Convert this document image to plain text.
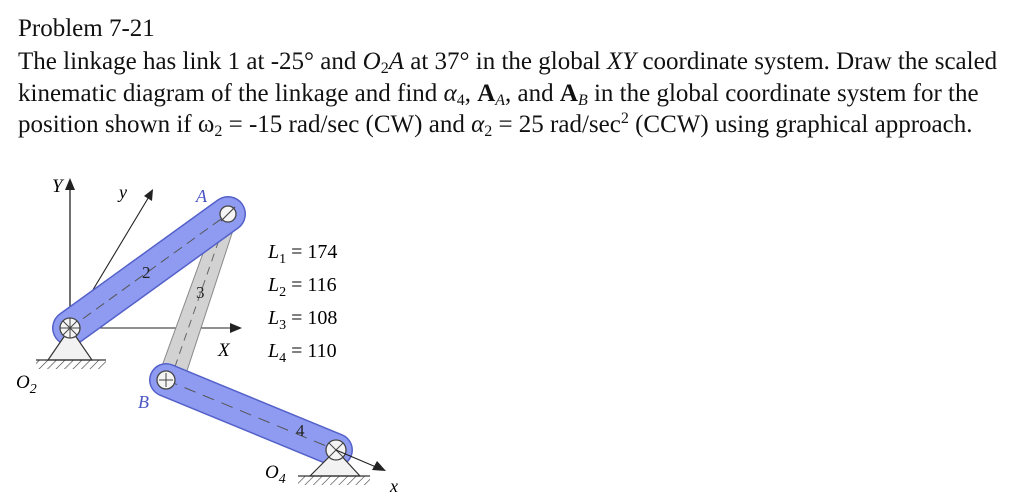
Problem 7-21
The linkage has link 1 at -25° and $O_2A$ at 37° in the global XY coordinate system. Draw the scaled kinematic diagram of the linkage and find $\alpha_4$, $A_A$, and $A_B$ in the global coordinate system for the position shown if $\omega_2 = -15$ rad/sec (CW) and $\alpha_2 = 25$ rad/$\sec^2$ (CCW) using graphical approach.
Y	y
X
3
2
A
$O_2$
4
B
$O_4$	x
$L_1 = 174$
$L_2 = 116$
$L_3 = 108$
$L_4 = 110$
